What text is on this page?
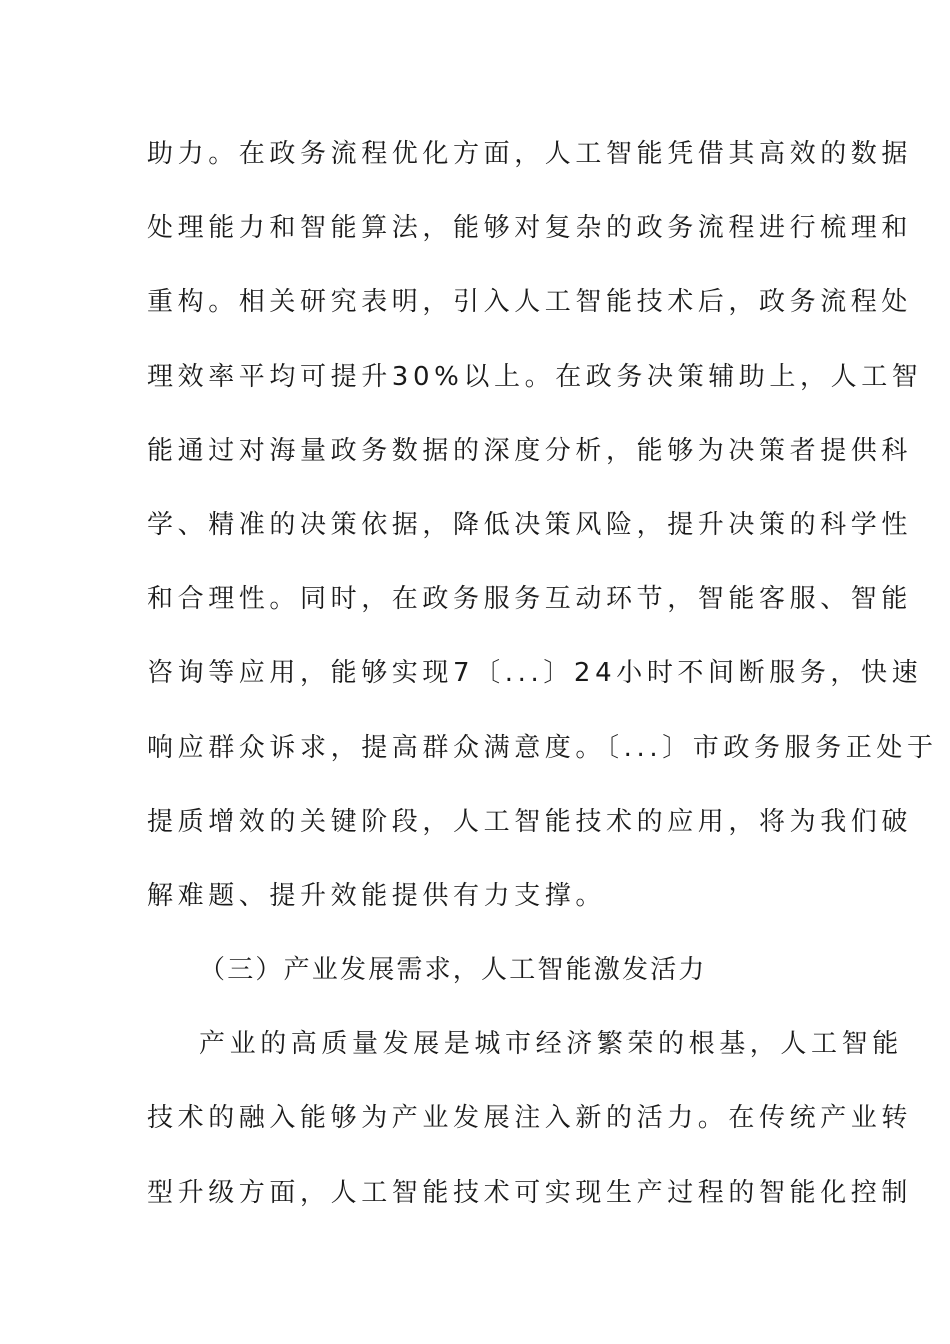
助力。在政务流程优化方面，人工智能凭借其高效的数据
处理能力和智能算法，能够对复杂的政务流程进行梳理和
重构。相关研究表明，引入人工智能技术后，政务流程处
理效率平均可提升30%以上。在政务决策辅助上，人工智
能通过对海量政务数据的深度分析，能够为决策者提供科
学、精准的决策依据，降低决策风险，提升决策的科学性
和合理性。同时，在政务服务互动环节，智能客服、智能
咨询等应用，能够实现7〔...〕24小时不间断服务，快速
响应群众诉求，提高群众满意度。〔...〕市政务服务正处于
提质增效的关键阶段，人工智能技术的应用，将为我们破
解难题、提升效能提供有力支撑。
（三）产业发展需求，人工智能激发活力
产业的高质量发展是城市经济繁荣的根基，人工智能
技术的融入能够为产业发展注入新的活力。在传统产业转
型升级方面，人工智能技术可实现生产过程的智能化控制
